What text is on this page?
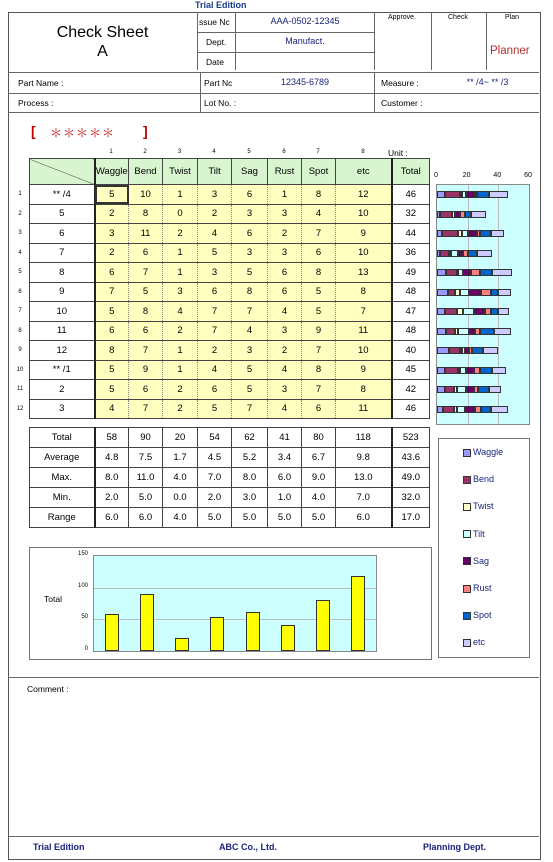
Trial Edition
Check Sheet
A
ssue Nc	AAA-0502-12345
Dept.	Manufact.
Date
Approve.	Check	Plan
Planner
Part Name :	Part Nc	12345-6789	Measure :	** /4~ ** /3
Process :	Lot No. :	Customer :
[ ＊＊＊＊＊ ]
Unit :
1	2	3	4	5	6	7	8
1
2
3
4
5
6
7
8
9
10
11
12
	Waggle	Bend	Twist	Tilt	Sag	Rust	Spot	etc	Total
** /4	5	10	1	3	6	1	8	12	46
5	2	8	0	2	3	3	4	10	32
6	3	11	2	4	6	2	7	9	44
7	2	6	1	5	3	3	6	10	36
8	6	7	1	3	5	6	8	13	49
9	7	5	3	6	8	6	5	8	48
10	5	8	4	7	7	4	5	7	47
11	6	6	2	7	4	3	9	11	48
12	8	7	1	2	3	2	7	10	40
** /1	5	9	1	4	5	4	8	9	45
2	5	6	2	6	5	3	7	8	42
3	4	7	2	5	7	4	6	11	46
Total	58	90	20	54	62	41	80	118	523
Average	4.8	7.5	1.7	4.5	5.2	3.4	6.7	9.8	43.6
Max.	8.0	11.0	4.0	7.0	8.0	6.0	9.0	13.0	49.0
Min.	2.0	5.0	0.0	2.0	3.0	1.0	4.0	7.0	32.0
Range	6.0	6.0	4.0	5.0	5.0	5.0	5.0	6.0	17.0
0	20	40	60
Waggle
Bend
Twist
Tilt
Sag
Rust
Spot
etc
Total
150
100
50
0
Comment :
Trial Edition	ABC Co., Ltd.	Planning Dept.
